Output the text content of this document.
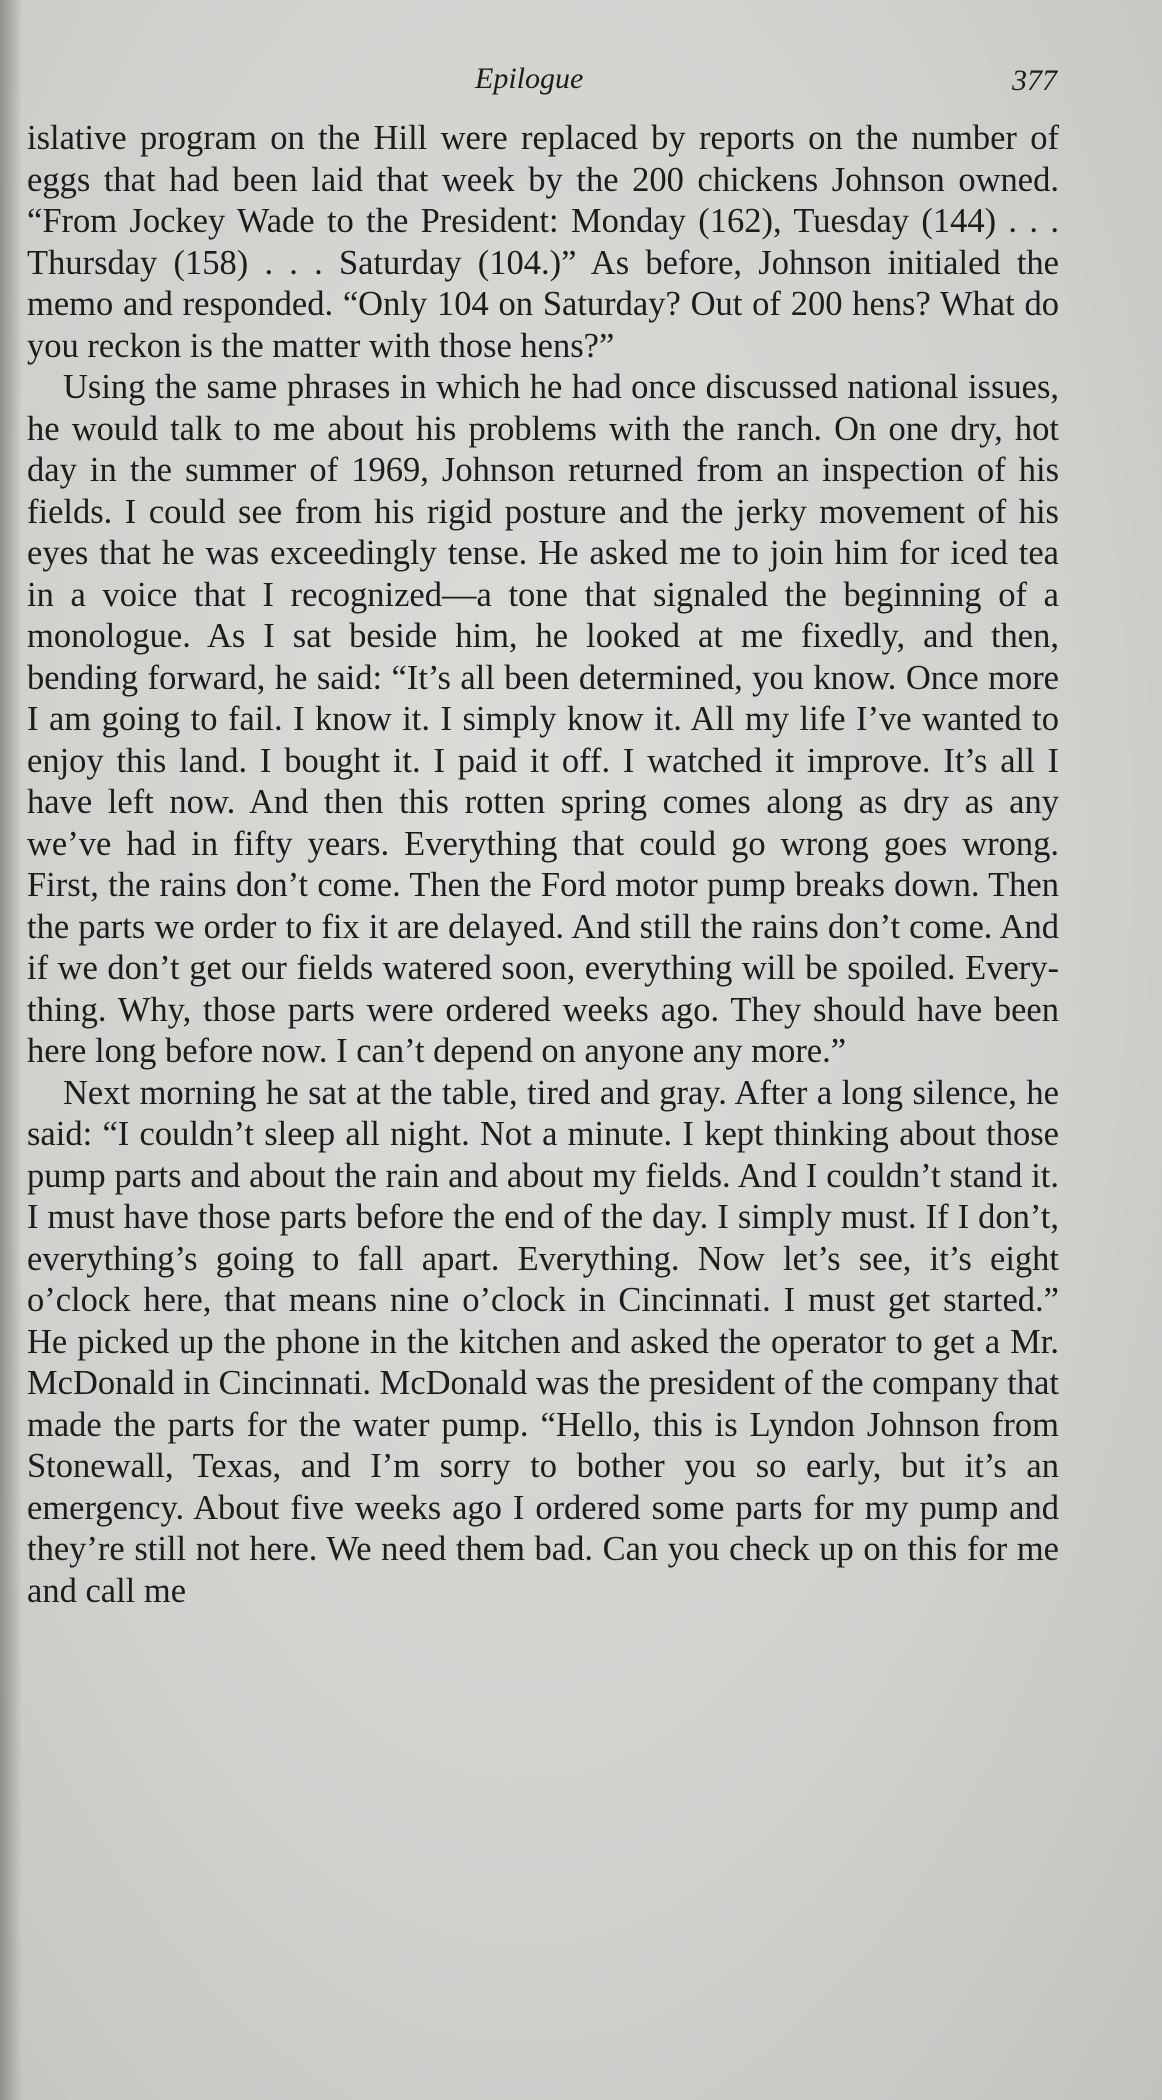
Epilogue	377

islative program on the Hill were replaced by reports on the number of eggs that had been laid that week by the 200 chickens Johnson owned. “From Jockey Wade to the President: Monday (162), Tuesday (144) . . . Thursday (158) . . . Saturday (104.)” As before, Johnson initialed the memo and responded. “Only 104 on Saturday? Out of 200 hens? What do you reckon is the matter with those hens?”

Using the same phrases in which he had once discussed national issues, he would talk to me about his problems with the ranch. On one dry, hot day in the summer of 1969, Johnson returned from an inspection of his fields. I could see from his rigid posture and the jerky movement of his eyes that he was exceedingly tense. He asked me to join him for iced tea in a voice that I recognized—a tone that signaled the beginning of a monologue. As I sat beside him, he looked at me fixedly, and then, bending forward, he said: “It’s all been determined, you know. Once more I am going to fail. I know it. I simply know it. All my life I’ve wanted to enjoy this land. I bought it. I paid it off. I watched it improve. It’s all I have left now. And then this rotten spring comes along as dry as any we’ve had in fifty years. Everything that could go wrong goes wrong. First, the rains don’t come. Then the Ford motor pump breaks down. Then the parts we order to fix it are delayed. And still the rains don’t come. And if we don’t get our fields watered soon, everything will be spoiled. Everything. Why, those parts were ordered weeks ago. They should have been here long before now. I can’t depend on anyone any more.”

Next morning he sat at the table, tired and gray. After a long silence, he said: “I couldn’t sleep all night. Not a minute. I kept thinking about those pump parts and about the rain and about my fields. And I couldn’t stand it. I must have those parts before the end of the day. I simply must. If I don’t, everything’s going to fall apart. Everything. Now let’s see, it’s eight o’clock here, that means nine o’clock in Cincinnati. I must get started.” He picked up the phone in the kitchen and asked the operator to get a Mr. McDonald in Cincinnati. McDonald was the president of the company that made the parts for the water pump. “Hello, this is Lyndon Johnson from Stonewall, Texas, and I’m sorry to bother you so early, but it’s an emergency. About five weeks ago I ordered some parts for my pump and they’re still not here. We need them bad. Can you check up on this for me and call me
